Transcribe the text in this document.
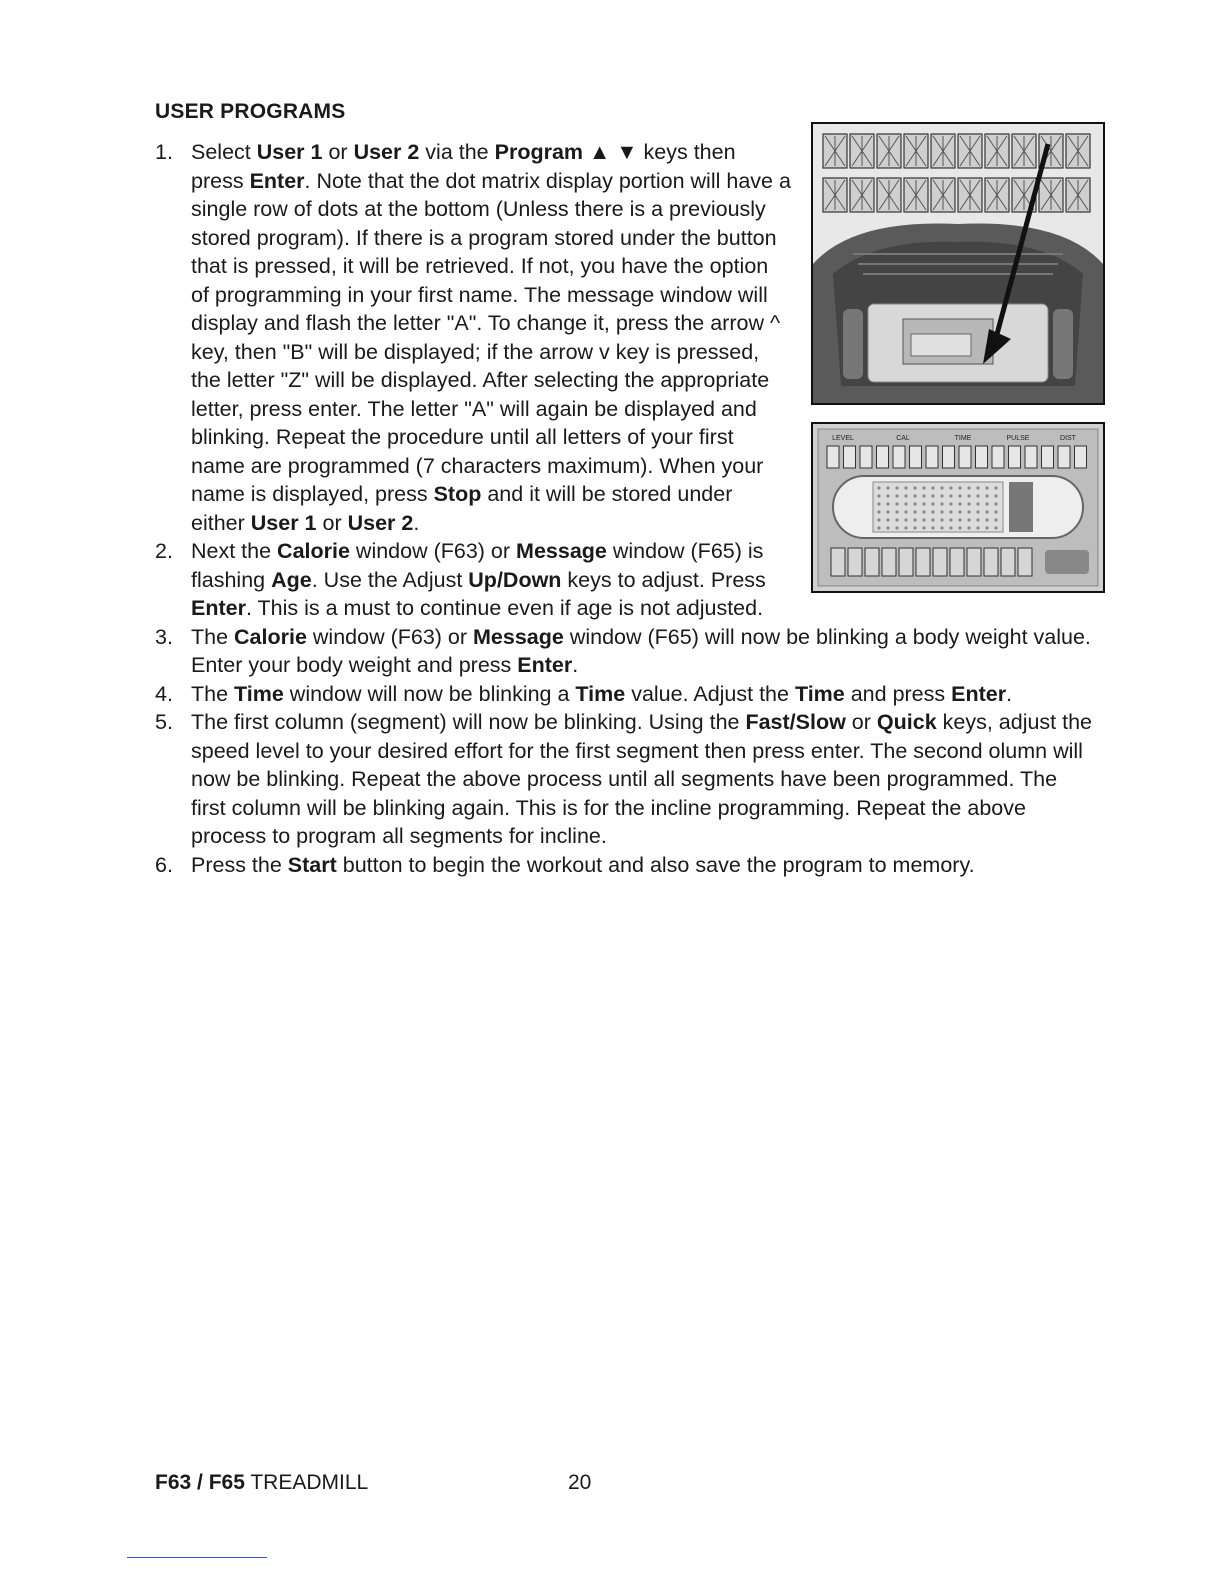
USER PROGRAMS
1. Select User 1 or User 2 via the Program ▲ ▼ keys then press Enter. Note that the dot matrix display portion will have a single row of dots at the bottom (Unless there is a previously stored program). If there is a program stored under the button that is pressed, it will be retrieved. If not, you have the option of programming in your first name. The message window will display and flash the letter "A". To change it, press the arrow ^ key, then "B" will be displayed; if the arrow v key is pressed, the letter "Z" will be displayed. After selecting the appropriate letter, press enter. The letter "A" will again be displayed and blinking. Repeat the procedure until all letters of your first name are programmed (7 characters maximum). When your name is displayed, press Stop and it will be stored under either User 1 or User 2.
2. Next the Calorie window (F63) or Message window (F65) is flashing Age. Use the Adjust Up/Down keys to adjust. Press Enter. This is a must to continue even if age is not adjusted.
3. The Calorie window (F63) or Message window (F65) will now be blinking a body weight value. Enter your body weight and press Enter.
4. The Time window will now be blinking a Time value. Adjust the Time and press Enter.
5. The first column (segment) will now be blinking. Using the Fast/Slow or Quick keys, adjust the speed level to your desired effort for the first segment then press enter. The second olumn will now be blinking. Repeat the above process until all segments have been programmed. The first column will be blinking again. This is for the incline programming. Repeat the above process to program all segments for incline.
6. Press the Start button to begin the workout and also save the program to memory.
LEVEL	CAL	TIME	PULSE	DIST
F63 / F65 TREADMILL	20
